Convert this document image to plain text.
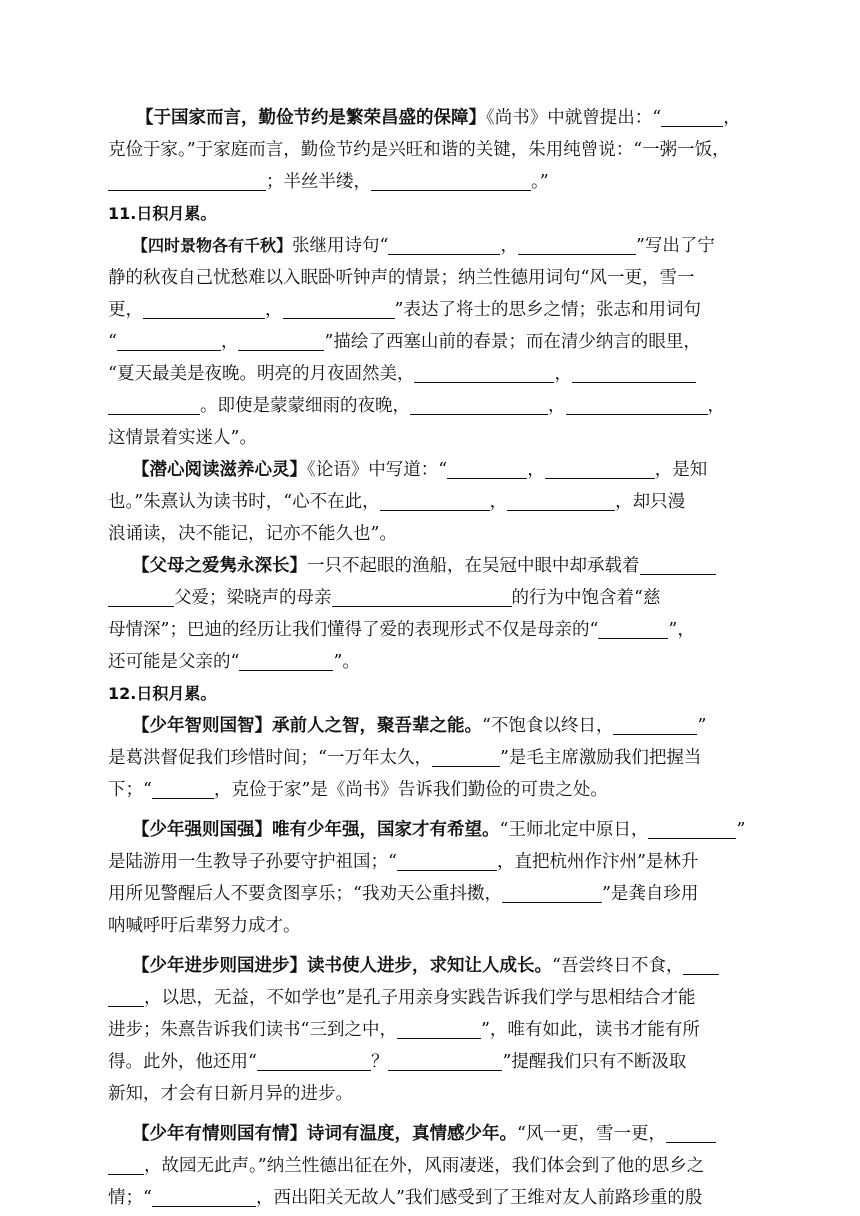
【于国家而言，勤俭节约是繁荣昌盛的保障】《尚书》中就曾提出：“	，
克俭于家。”于家庭而言，勤俭节约是兴旺和谐的关键，朱用纯曾说：“一粥一饭，
；半丝半缕，	。”
11.日积月累。
【四时景物各有千秋】张继用诗句“	，	”写出了宁
静的秋夜自己忧愁难以入眠卧听钟声的情景；纳兰性德用词句“风一更，雪一
更，	，	”表达了将士的思乡之情；张志和用词句
“	，	”描绘了西塞山前的春景；而在清少纳言的眼里，
“夏天最美是夜晚。明亮的月夜固然美，	，
。即使是蒙蒙细雨的夜晚，	，	，
这情景着实迷人”。
【潜心阅读滋养心灵】《论语》中写道：“	，	，是知
也。”朱熹认为读书时，“心不在此，	，	，却只漫
浪诵读，决不能记，记亦不能久也”。
【父母之爱隽永深长】一只不起眼的渔船，在吴冠中眼中却承载着
父爱；梁晓声的母亲	的行为中饱含着“慈
母情深”；巴迪的经历让我们懂得了爱的表现形式不仅是母亲的“	”，
还可能是父亲的“	”。
12.日积月累。
【少年智则国智】承前人之智，聚吾辈之能。“不饱食以终日，	”
是葛洪督促我们珍惜时间；“一万年太久，	”是毛主席激励我们把握当
下；“	，克俭于家”是《尚书》告诉我们勤俭的可贵之处。
【少年强则国强】唯有少年强，国家才有希望。“王师北定中原日，	”
是陆游用一生教导子孙要守护祖国；“	，直把杭州作汴州”是林升
用所见警醒后人不要贪图享乐；“我劝天公重抖擞，	”是龚自珍用
呐喊呼吁后辈努力成才。
【少年进步则国进步】读书使人进步，求知让人成长。“吾尝终日不食，
，以思，无益，不如学也”是孔子用亲身实践告诉我们学与思相结合才能
进步；朱熹告诉我们读书“三到之中，	”，唯有如此，读书才能有所
得。此外，他还用“	？	”提醒我们只有不断汲取
新知，才会有日新月异的进步。
【少年有情则国有情】诗词有温度，真情感少年。“风一更，雪一更，
，故园无此声。”纳兰性德出征在外，风雨凄迷，我们体会到了他的思乡之
情；“	，西出阳关无故人”我们感受到了王维对友人前路珍重的殷
